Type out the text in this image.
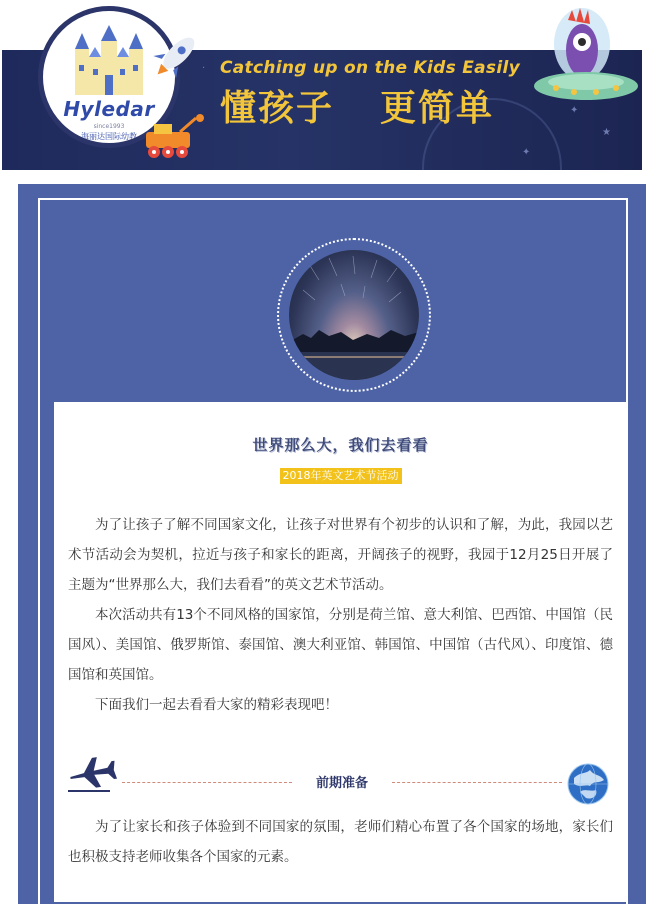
★
✦
·
✦
Hyledar
since1993
海丽达国际幼教
Catching up on the Kids Easily
懂孩子 更简单
世界那么大，我们去看看
2018年英文艺术节活动

为了让孩子了解不同国家文化，让孩子对世界有个初步的认识和了解，为此，我园以艺术节活动会为契机，拉近与孩子和家长的距离，开阔孩子的视野，我园于12月25日开展了主题为“世界那么大，我们去看看”的英文艺术节活动。

本次活动共有13个不同风格的国家馆，分别是荷兰馆、意大利馆、巴西馆、中国馆（民国风）、美国馆、俄罗斯馆、泰国馆、澳大利亚馆、韩国馆、中国馆（古代风）、印度馆、德国馆和英国馆。

下面我们一起去看看大家的精彩表现吧！

前期准备

为了让家长和孩子体验到不同国家的氛围，老师们精心布置了各个国家的场地，家长们也积极支持老师收集各个国家的元素。
